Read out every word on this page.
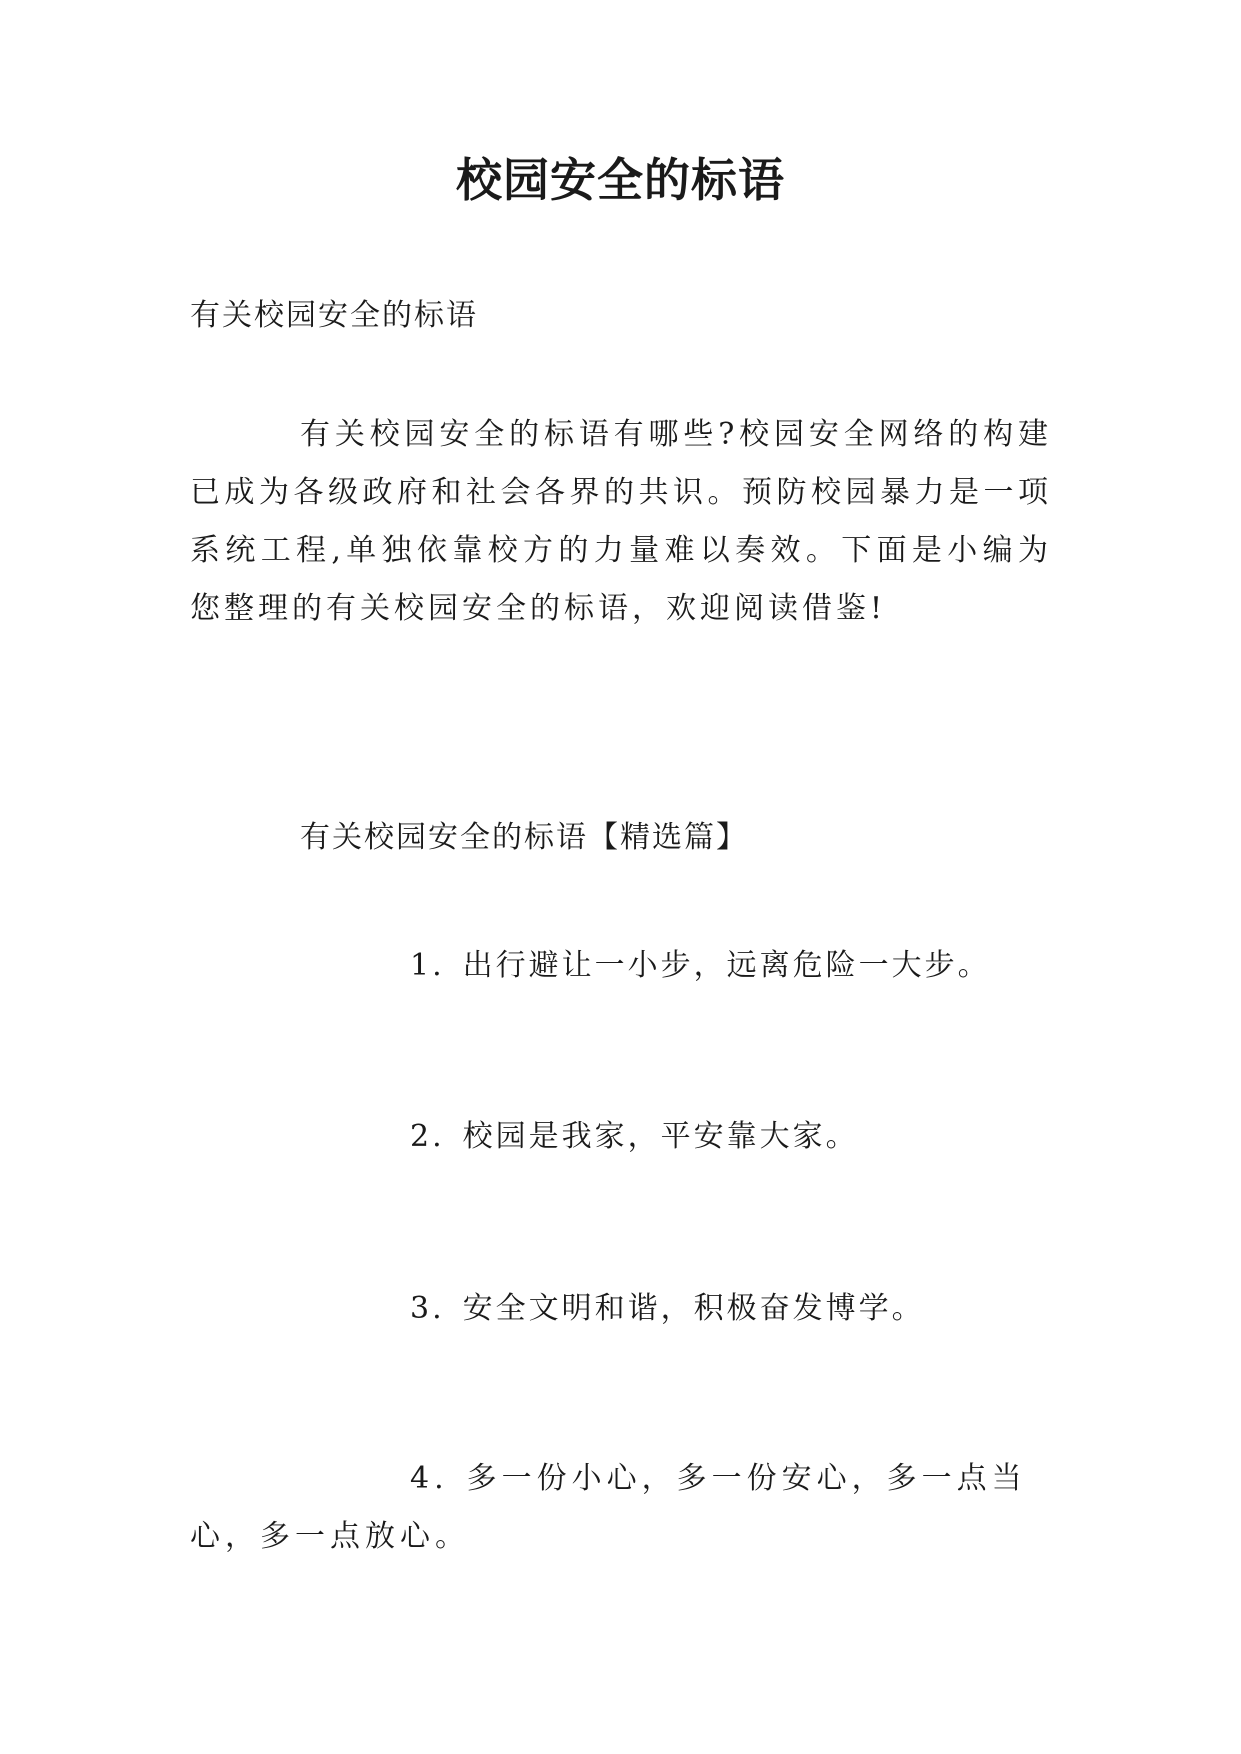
校园安全的标语
有关校园安全的标语

有关校园安全的标语有哪些?校园安全网络的构建已成为各级政府和社会各界的共识。预防校园暴力是一项系统工程,单独依靠校方的力量难以奏效。下面是小编为您整理的有关校园安全的标语，欢迎阅读借鉴!

有关校园安全的标语【精选篇】

1. 出行避让一小步，远离危险一大步。

2. 校园是我家，平安靠大家。

3. 安全文明和谐，积极奋发博学。

4. 多一份小心，多一份安心，多一点当心，多一点放心。
